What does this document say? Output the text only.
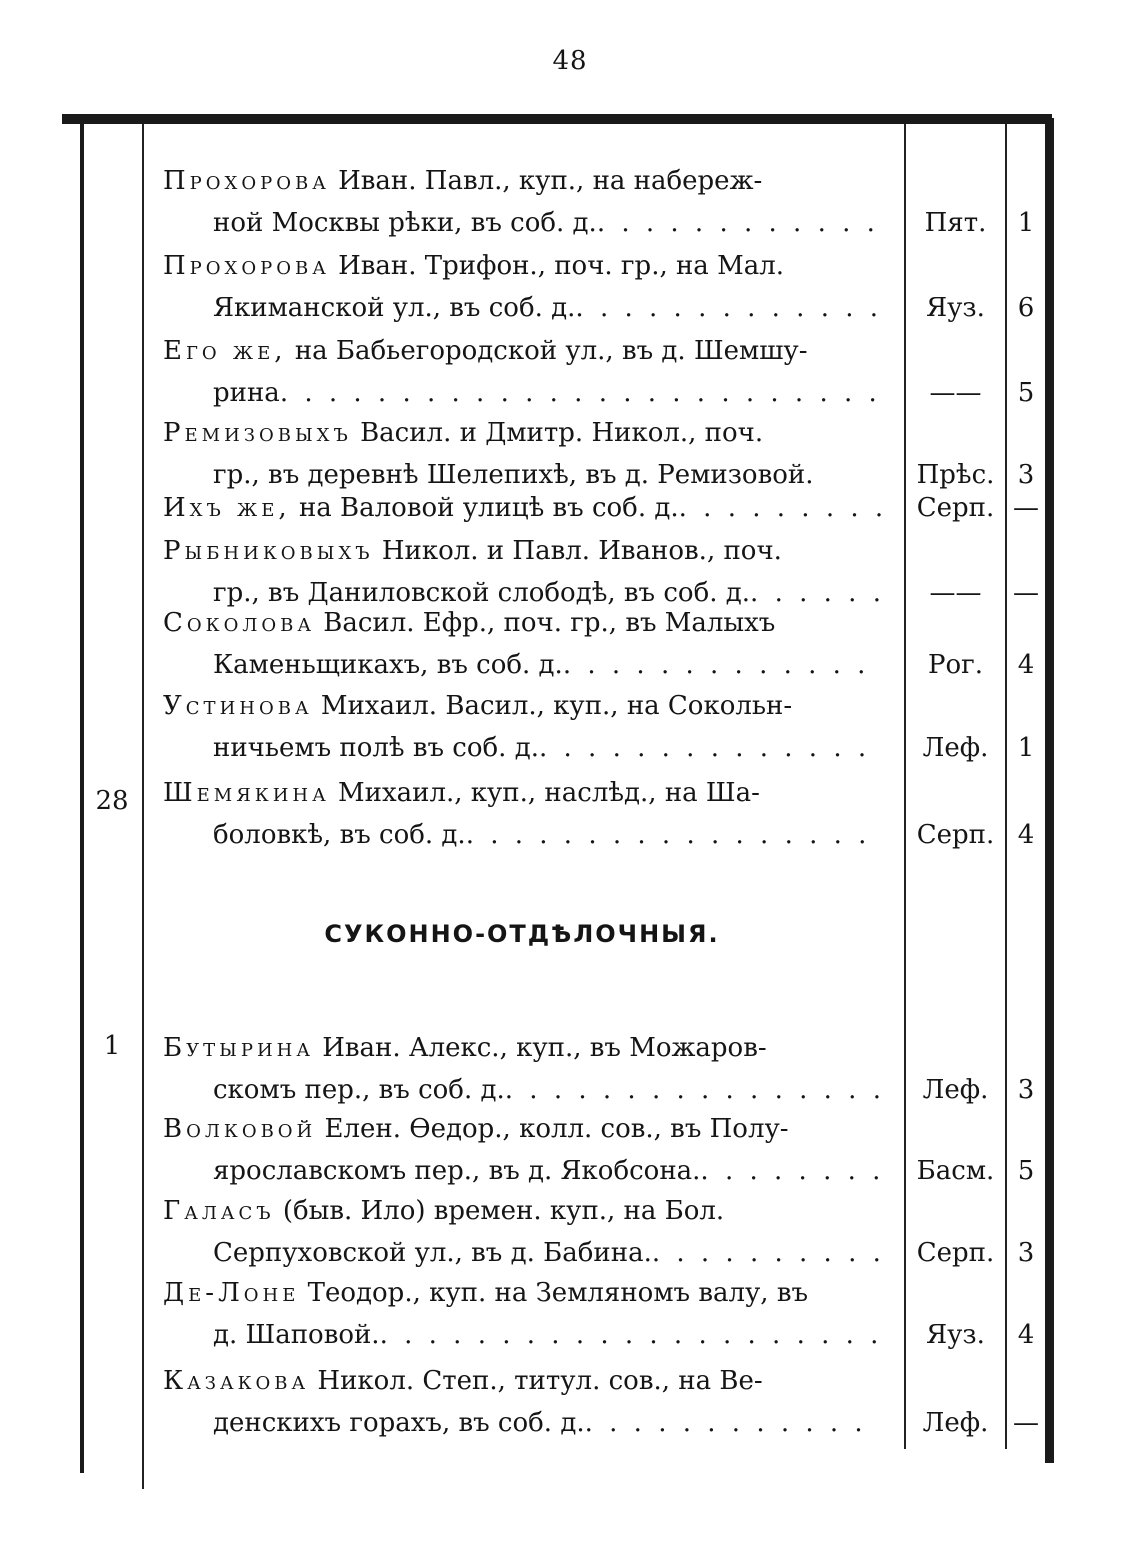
48
Прохорова Иван. Павл., куп., на набереж-
ной Москвы рѣки, въ соб. д. . . .	Пят.	1
Прохорова Иван. Трифон., поч. гр., на Мал.
Якиманской ул., въ соб. д. . . .	Яуз.	6
Его же, на Бабьегородской ул., въ д. Шемшу-
рина . . .	——	5
Ремизовыхъ Васил. и Дмитр. Никол., поч.
гр., въ деревнѣ Шелепихѣ, въ д. Ремизовой.	Прѣс. 3
Ихъ же, на Валовой улицѣ въ соб. д. . . .	Серп. —
Рыбниковыхъ Никол. и Павл. Иванов., поч.
гр., въ Даниловской слободѣ, въ соб. д. . . .	——	—
Соколова Васил. Ефр., поч. гр., въ Малыхъ
Каменьщикахъ, въ соб. д. . . .	Рог.	4
Устинова Михаил. Васил., куп., на Сокольн-
ничьемъ полѣ въ соб. д. . . .	Леф.	1
28	Шемякина Михаил., куп., наслѣд., на Ша-
боловкѣ, въ соб. д. . . .	Серп. 4
СУКОННО-ОТДѢЛОЧНЫЯ.
1	Бутырина Иван. Алекс., куп., въ Можаров-
скомъ пер., въ соб. д. . . .	Леф.	3
Волковой Елен. Ѳедор., колл. сов., въ Полу-
ярославскомъ пер., въ д. Якобсона. . . .	Басм. 5
Галасъ (быв. Ило) времен. куп., на Бол.
Серпуховской ул., въ д. Бабина. . . .	Серп. 3
Де-Лоне Теодор., куп. на Земляномъ валу, въ
д. Шаповой. . . .	Яуз.	4
Казакова Никол. Степ., титул. сов., на Ве-
денскихъ горахъ, въ соб. д. . . .	Леф. —
